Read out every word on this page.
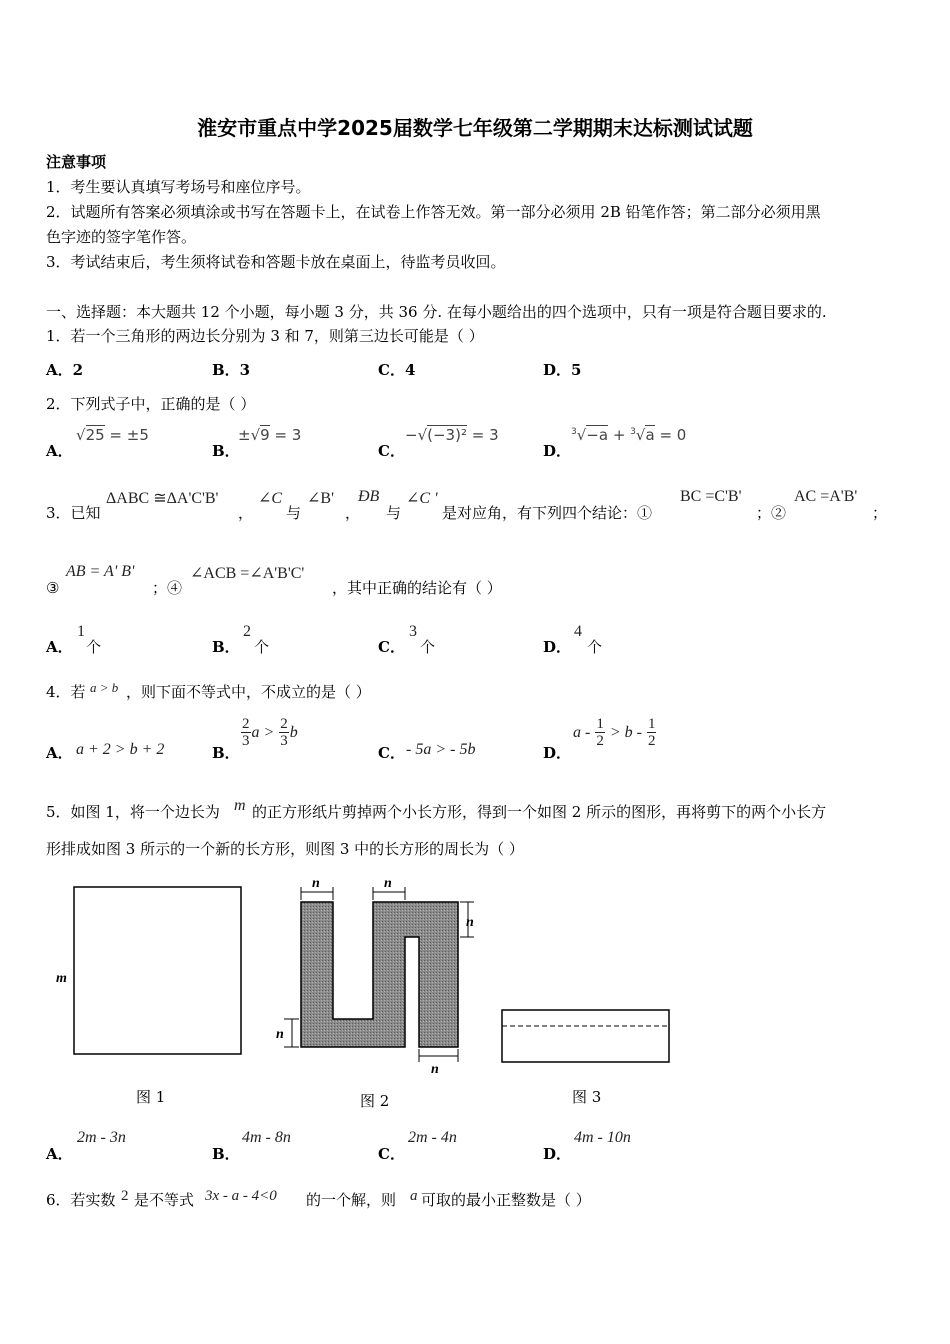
淮安市重点中学2025届数学七年级第二学期期末达标测试试题
注意事项
1．考生要认真填写考场号和座位序号。
2．试题所有答案必须填涂或书写在答题卡上，在试卷上作答无效。第一部分必须用 2B 铅笔作答；第二部分必须用黑
色字迹的签字笔作答。
3．考试结束后，考生须将试卷和答题卡放在桌面上，待监考员收回。
一、选择题：本大题共 12 个小题，每小题 3 分，共 36 分. 在每小题给出的四个选项中，只有一项是符合题目要求的.
1．若一个三角形的两边长分别为 3 和 7，则第三边长可能是（ ）
A．2	B．3	C．4	D．5
2．下列式子中，正确的是（ ）
A．
√25 = ±5
B．
±√9 = 3
C．
−√(−3)² = 3
D．
$^3$√−a + $^3$√a = 0
3．已知
ΔABC ≅ΔA'C'B'
，
∠C
与
∠B'
，
ÐB
与
∠C '
是对应角，有下列四个结论：①
BC =C'B'
；②
AC =A'B'
；
③
AB = A' B'
；④
∠ACB =∠A'B'C'
，其中正确的结论有（ ）
A．
1
个	B．
2
个	C．
3
个	D．
4
个
4．若 a > b ，则下面不等式中，不成立的是（ ）
A． a + 2 > b + 2	B．
$\frac{2}{3}$ $a > \frac{2}{3}$ b
C． - 5a > - 5b	D．
$a - \frac{1}{2} > b - \frac{1}{2}$
5．如图 1，将一个边长为 m 的正方形纸片剪掉两个小长方形，得到一个如图 2 所示的图形，再将剪下的两个小长方
形排成如图 3 所示的一个新的长方形，则图 3 中的长方形的周长为（ ）
m
图 1
n	n
n
n
n
图 2	图 3
A．
2m - 3n
B．
4m - 8n
C．
2m - 4n
D．
4m - 10n
6．若实数 2 是不等式 3x - a - 4<0 的一个解，则 a 可取的最小正整数是（ ）
